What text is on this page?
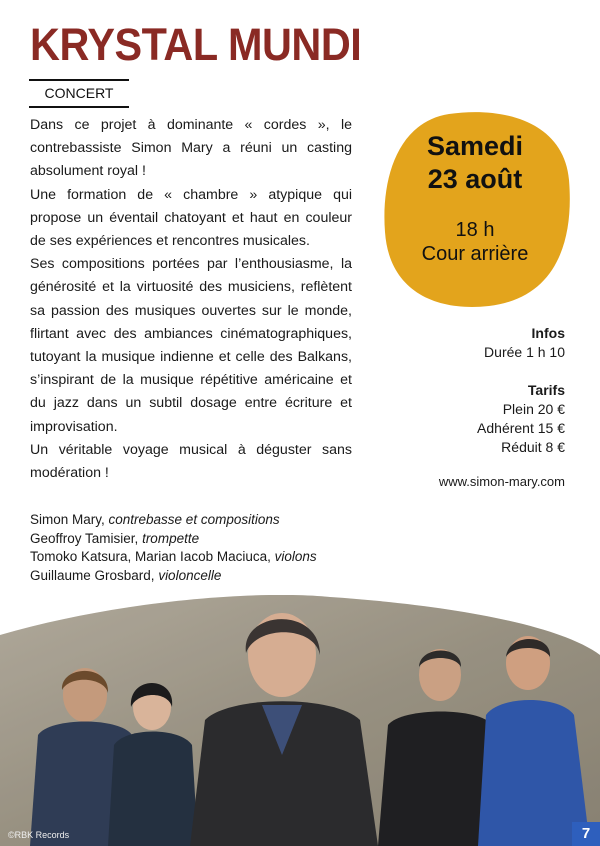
KRYSTAL MUNDI
CONCERT

Dans ce projet à dominante « cordes », le contrebassiste Simon Mary a réuni un casting absolument royal !

Une formation de « chambre » atypique qui propose un éventail chatoyant et haut en couleur de ses expériences et rencontres musicales.

Ses compositions portées par l’enthousiasme, la générosité et la virtuosité des musiciens, reflètent sa passion des musiques ouvertes sur le monde, flirtant avec des ambiances cinématographiques, tutoyant la musique indienne et celle des Balkans, s’inspirant de la musique répétitive américaine et du jazz dans un subtil dosage entre écriture et improvisation.

Un véritable voyage musical à déguster sans modération !

Samedi
23 août
18 h
Cour arrière
Infos
Durée 1 h 10
Tarifs
Plein 20 €
Adhérent 15 €
Réduit 8 €
www.simon-mary.com
Simon Mary, contrebasse et compositions
Geoffroy Tamisier, trompette
Tomoko Katsura, Marian Iacob Maciuca, violons
Guillaume Grosbard, violoncelle
©RBK Records	7
